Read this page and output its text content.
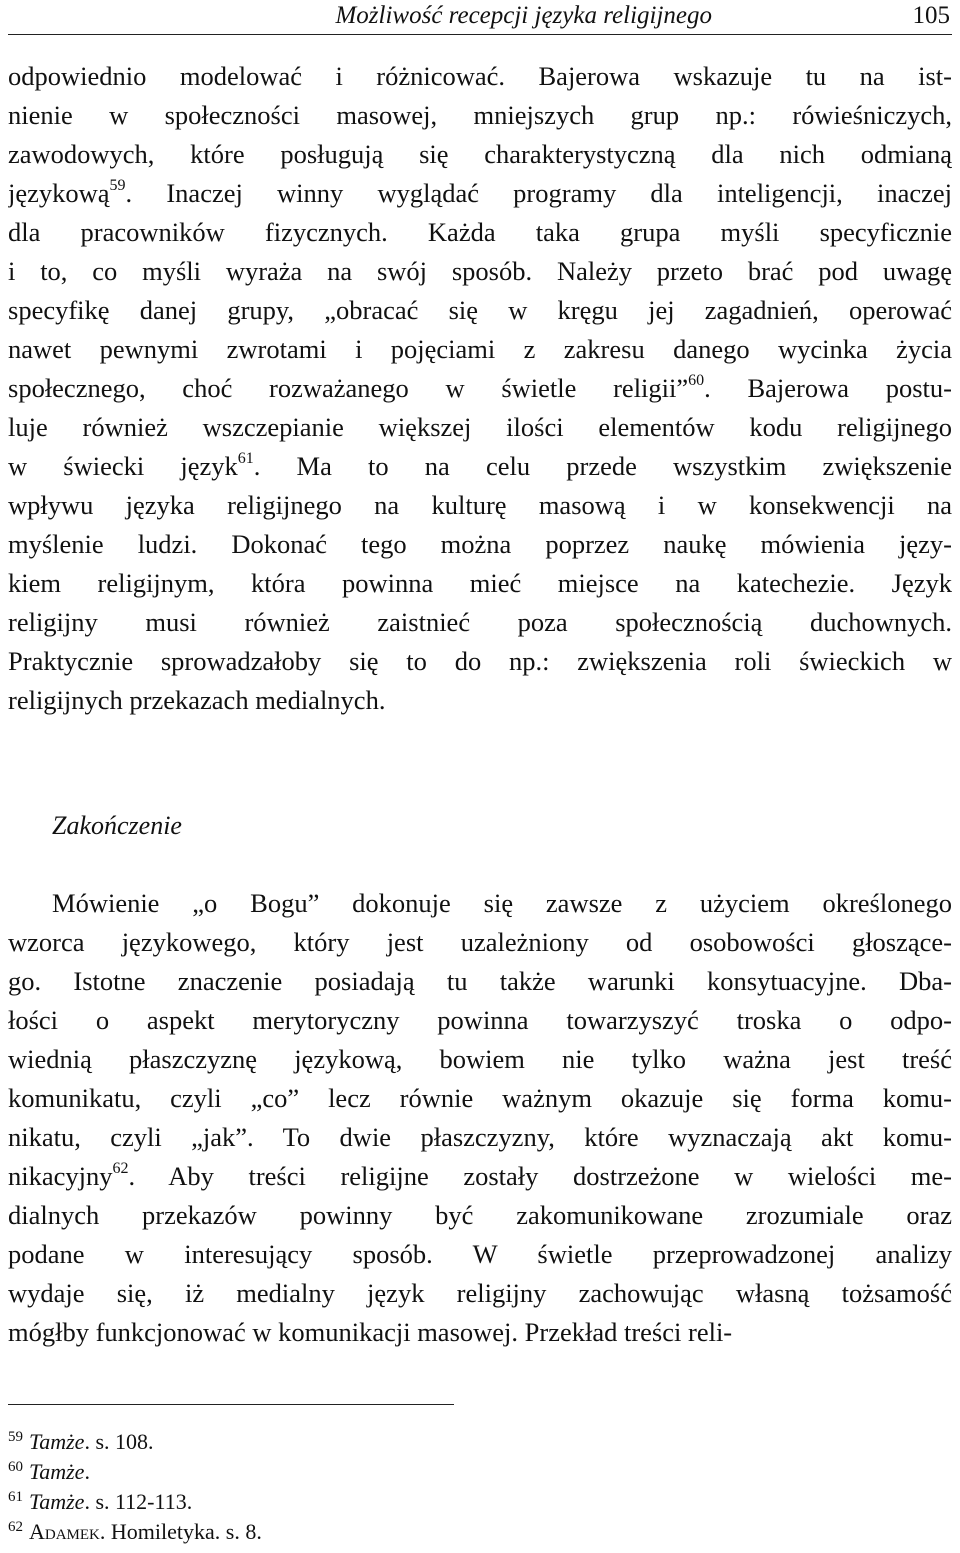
Możliwość recepcji języka religijnego	105
odpowiednio modelować i różnicować. Bajerowa wskazuje tu na ist-
nienie w społeczności masowej, mniejszych grup np.: rówieśniczych,
zawodowych, które posługują się charakterystyczną dla nich odmianą
językową$^{59}$. Inaczej winny wyglądać programy dla inteligencji, inaczej
dla pracowników fizycznych. Każda taka grupa myśli specyficznie
i to, co myśli wyraża na swój sposób. Należy przeto brać pod uwagę
specyfikę danej grupy, „obracać się w kręgu jej zagadnień, operować
nawet pewnymi zwrotami i pojęciami z zakresu danego wycinka życia
społecznego, choć rozważanego w świetle religii”$^{60}$. Bajerowa postu-
luje również wszczepianie większej ilości elementów kodu religijnego
w świecki język$^{61}$. Ma to na celu przede wszystkim zwiększenie
wpływu języka religijnego na kulturę masową i w konsekwencji na
myślenie ludzi. Dokonać tego można poprzez naukę mówienia języ-
kiem religijnym, która powinna mieć miejsce na katechezie. Język
religijny musi również zaistnieć poza społecznością duchownych.
Praktycznie sprowadzałoby się to do np.: zwiększenia roli świeckich w
religijnych przekazach medialnych.
Zakończenie
Mówienie „o Bogu” dokonuje się zawsze z użyciem określonego
wzorca językowego, który jest uzależniony od osobowości głoszące-
go. Istotne znaczenie posiadają tu także warunki konsytuacyjne. Dba-
łości o aspekt merytoryczny powinna towarzyszyć troska o odpo-
wiednią płaszczyznę językową, bowiem nie tylko ważna jest treść
komunikatu, czyli „co” lecz równie ważnym okazuje się forma komu-
nikatu, czyli „jak”. To dwie płaszczyzny, które wyznaczają akt komu-
nikacyjny$^{62}$. Aby treści religijne zostały dostrzeżone w wielości me-
dialnych przekazów powinny być zakomunikowane zrozumiale oraz
podane w interesujący sposób. W świetle przeprowadzonej analizy
wydaje się, iż medialny język religijny zachowując własną tożsamość
mógłby funkcjonować w komunikacji masowej. Przekład treści reli-
$^{59}$ Tamże. s. 108.
$^{60}$ Tamże.
$^{61}$ Tamże. s. 112-113.
$^{62}$ Adamek. Homiletyka. s. 8.
